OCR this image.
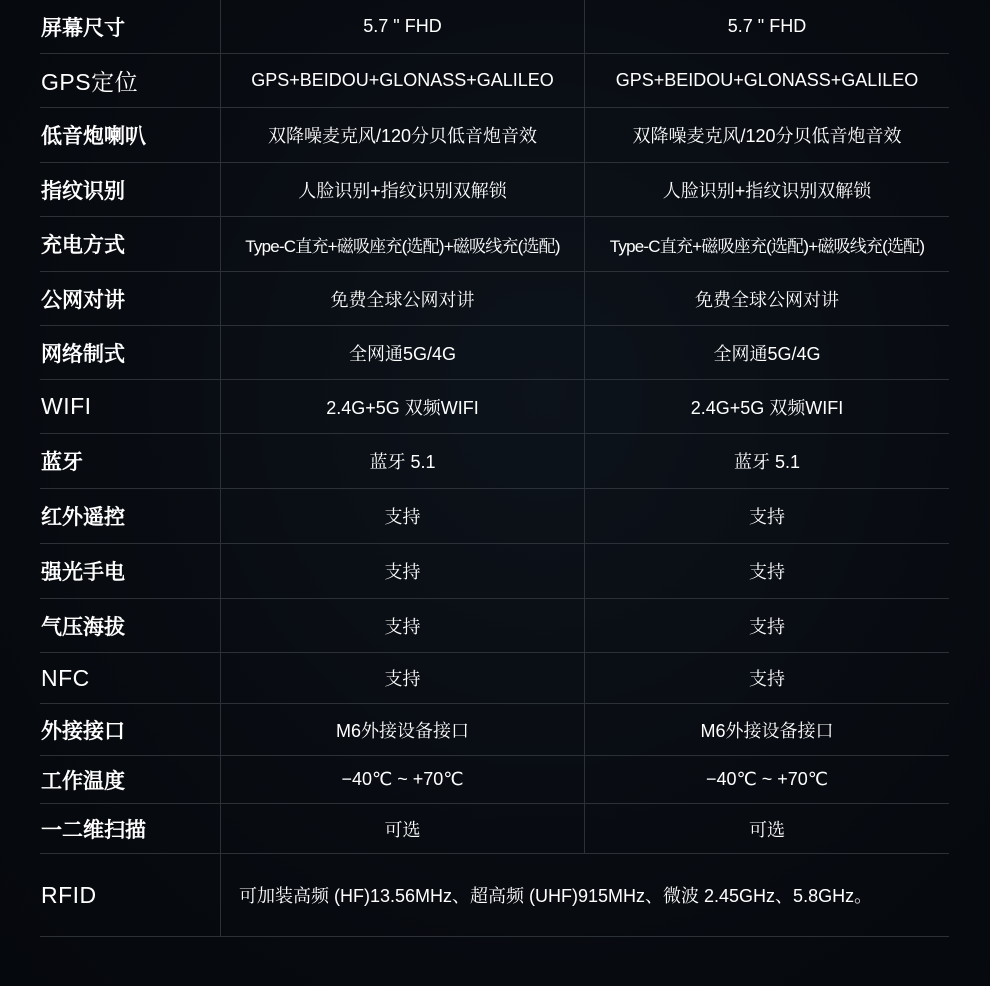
屏幕尺寸	5.7 " FHD	5.7 " FHD
GPS定位	GPS+BEIDOU+GLONASS+GALILEO	GPS+BEIDOU+GLONASS+GALILEO
低音炮喇叭	双降噪麦克风/120分贝低音炮音效	双降噪麦克风/120分贝低音炮音效
指纹识别	人脸识别+指纹识别双解锁	人脸识别+指纹识别双解锁
充电方式	Type-C直充+磁吸座充(选配)+磁吸线充(选配)	Type-C直充+磁吸座充(选配)+磁吸线充(选配)
公网对讲	免费全球公网对讲	免费全球公网对讲
网络制式	全网通5G/4G	全网通5G/4G
WIFI	2.4G+5G 双频WIFI	2.4G+5G 双频WIFI
蓝牙	蓝牙 5.1	蓝牙 5.1
红外遥控	支持	支持
强光手电	支持	支持
气压海拔	支持	支持
NFC	支持	支持
外接接口	M6外接设备接口	M6外接设备接口
工作温度	−40℃ ~ +70℃	−40℃ ~ +70℃
一二维扫描	可选	可选
RFID	可加装高频 (HF)13.56MHz、超高频 (UHF)915MHz、微波 2.45GHz、5.8GHz。
